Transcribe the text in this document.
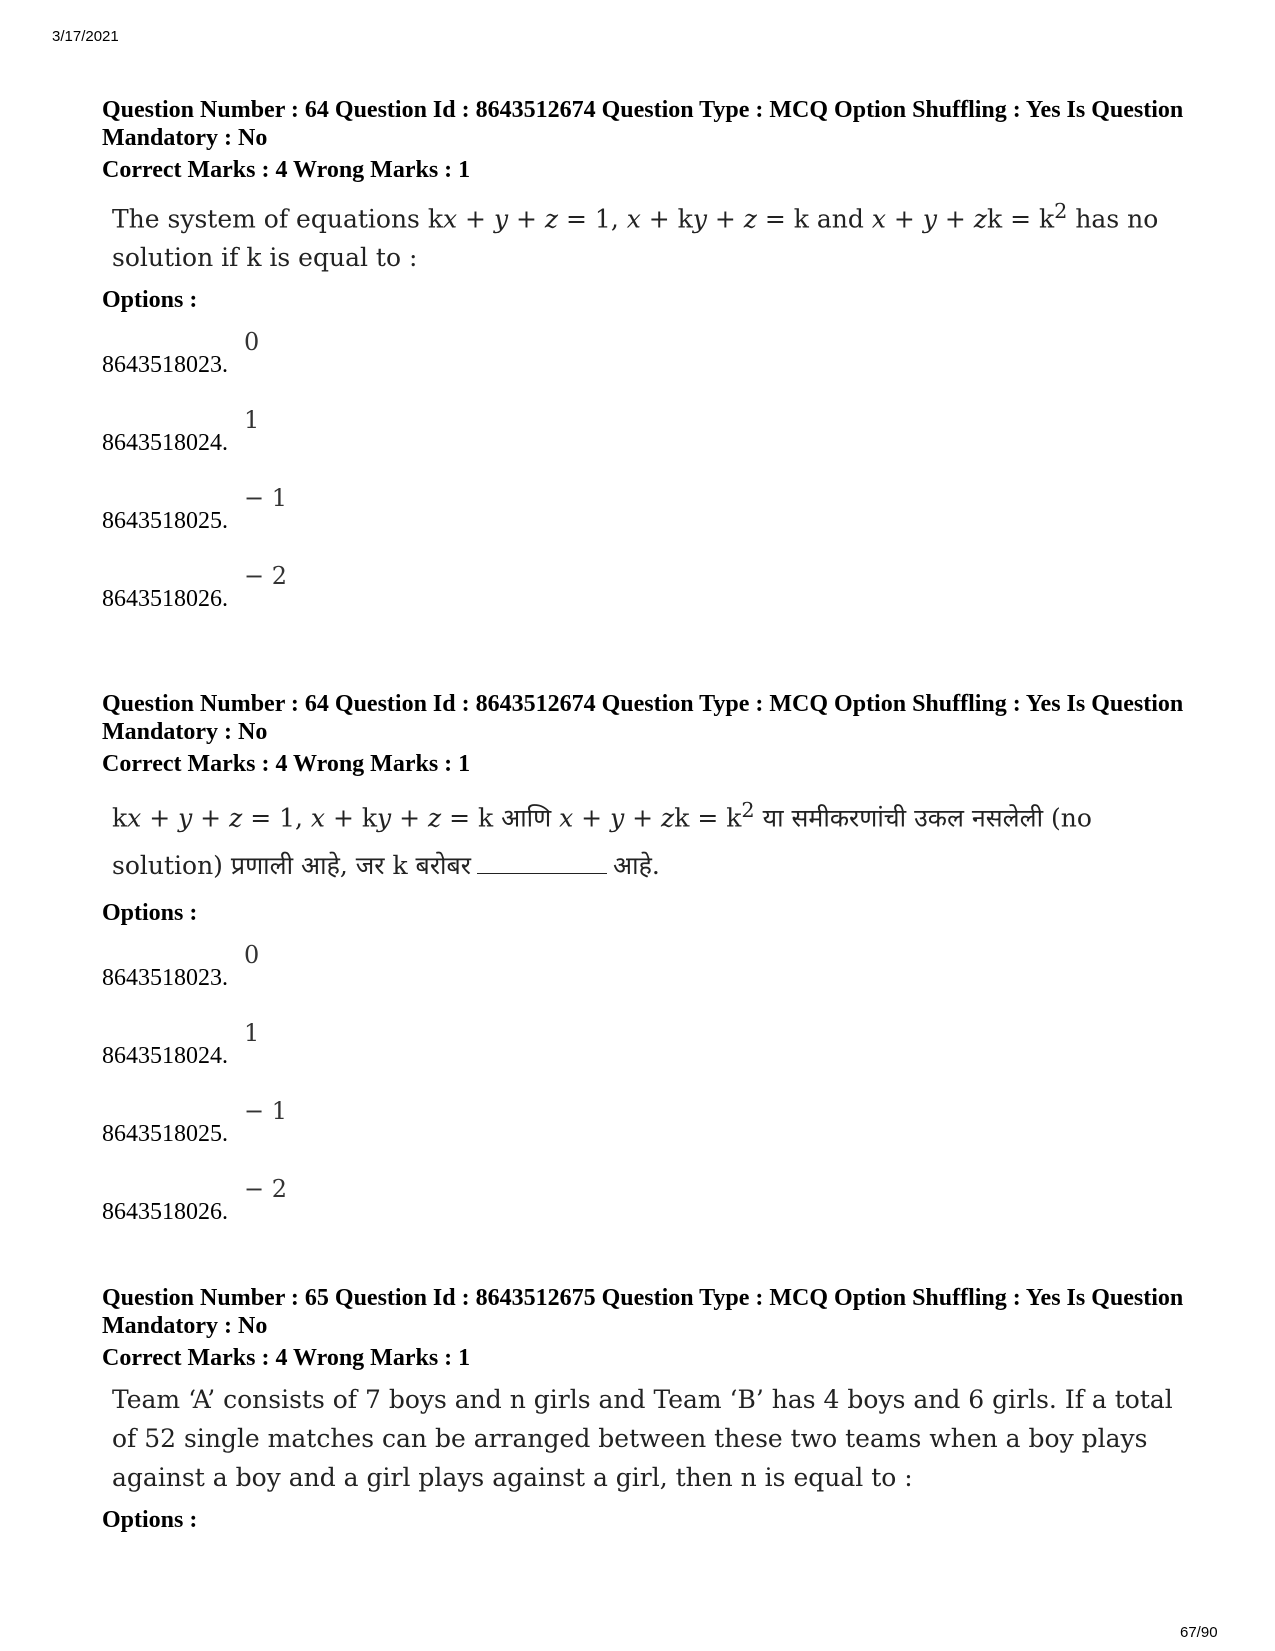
3/17/2021

Question Number : 64 Question Id : 8643512674 Question Type : MCQ Option Shuffling : Yes Is Question Mandatory : No

Correct Marks : 4 Wrong Marks : 1
The system of equations kx + y + z = 1, x + ky + z = k and x + y + zk = $k^2$ has no solution if k is equal to :
Options :
8643518023.
0
8643518024.
1
8643518025.
− 1
8643518026.
− 2

Question Number : 64 Question Id : 8643512674 Question Type : MCQ Option Shuffling : Yes Is Question Mandatory : No

Correct Marks : 4 Wrong Marks : 1
kx + y + z = 1, x + ky + z = k आणि x + y + zk = $k^2$ या समीकरणांची उकल नसलेली (no solution) प्रणाली आहे, जर k बरोबर	आहे.
Options :
8643518023.
0
8643518024.
1
8643518025.
− 1
8643518026.
− 2

Question Number : 65 Question Id : 8643512675 Question Type : MCQ Option Shuffling : Yes Is Question Mandatory : No

Correct Marks : 4 Wrong Marks : 1
Team ‘A’ consists of 7 boys and n girls and Team ‘B’ has 4 boys and 6 girls. If a total of 52 single matches can be arranged between these two teams when a boy plays against a boy and a girl plays against a girl, then n is equal to :
Options :
67/90
